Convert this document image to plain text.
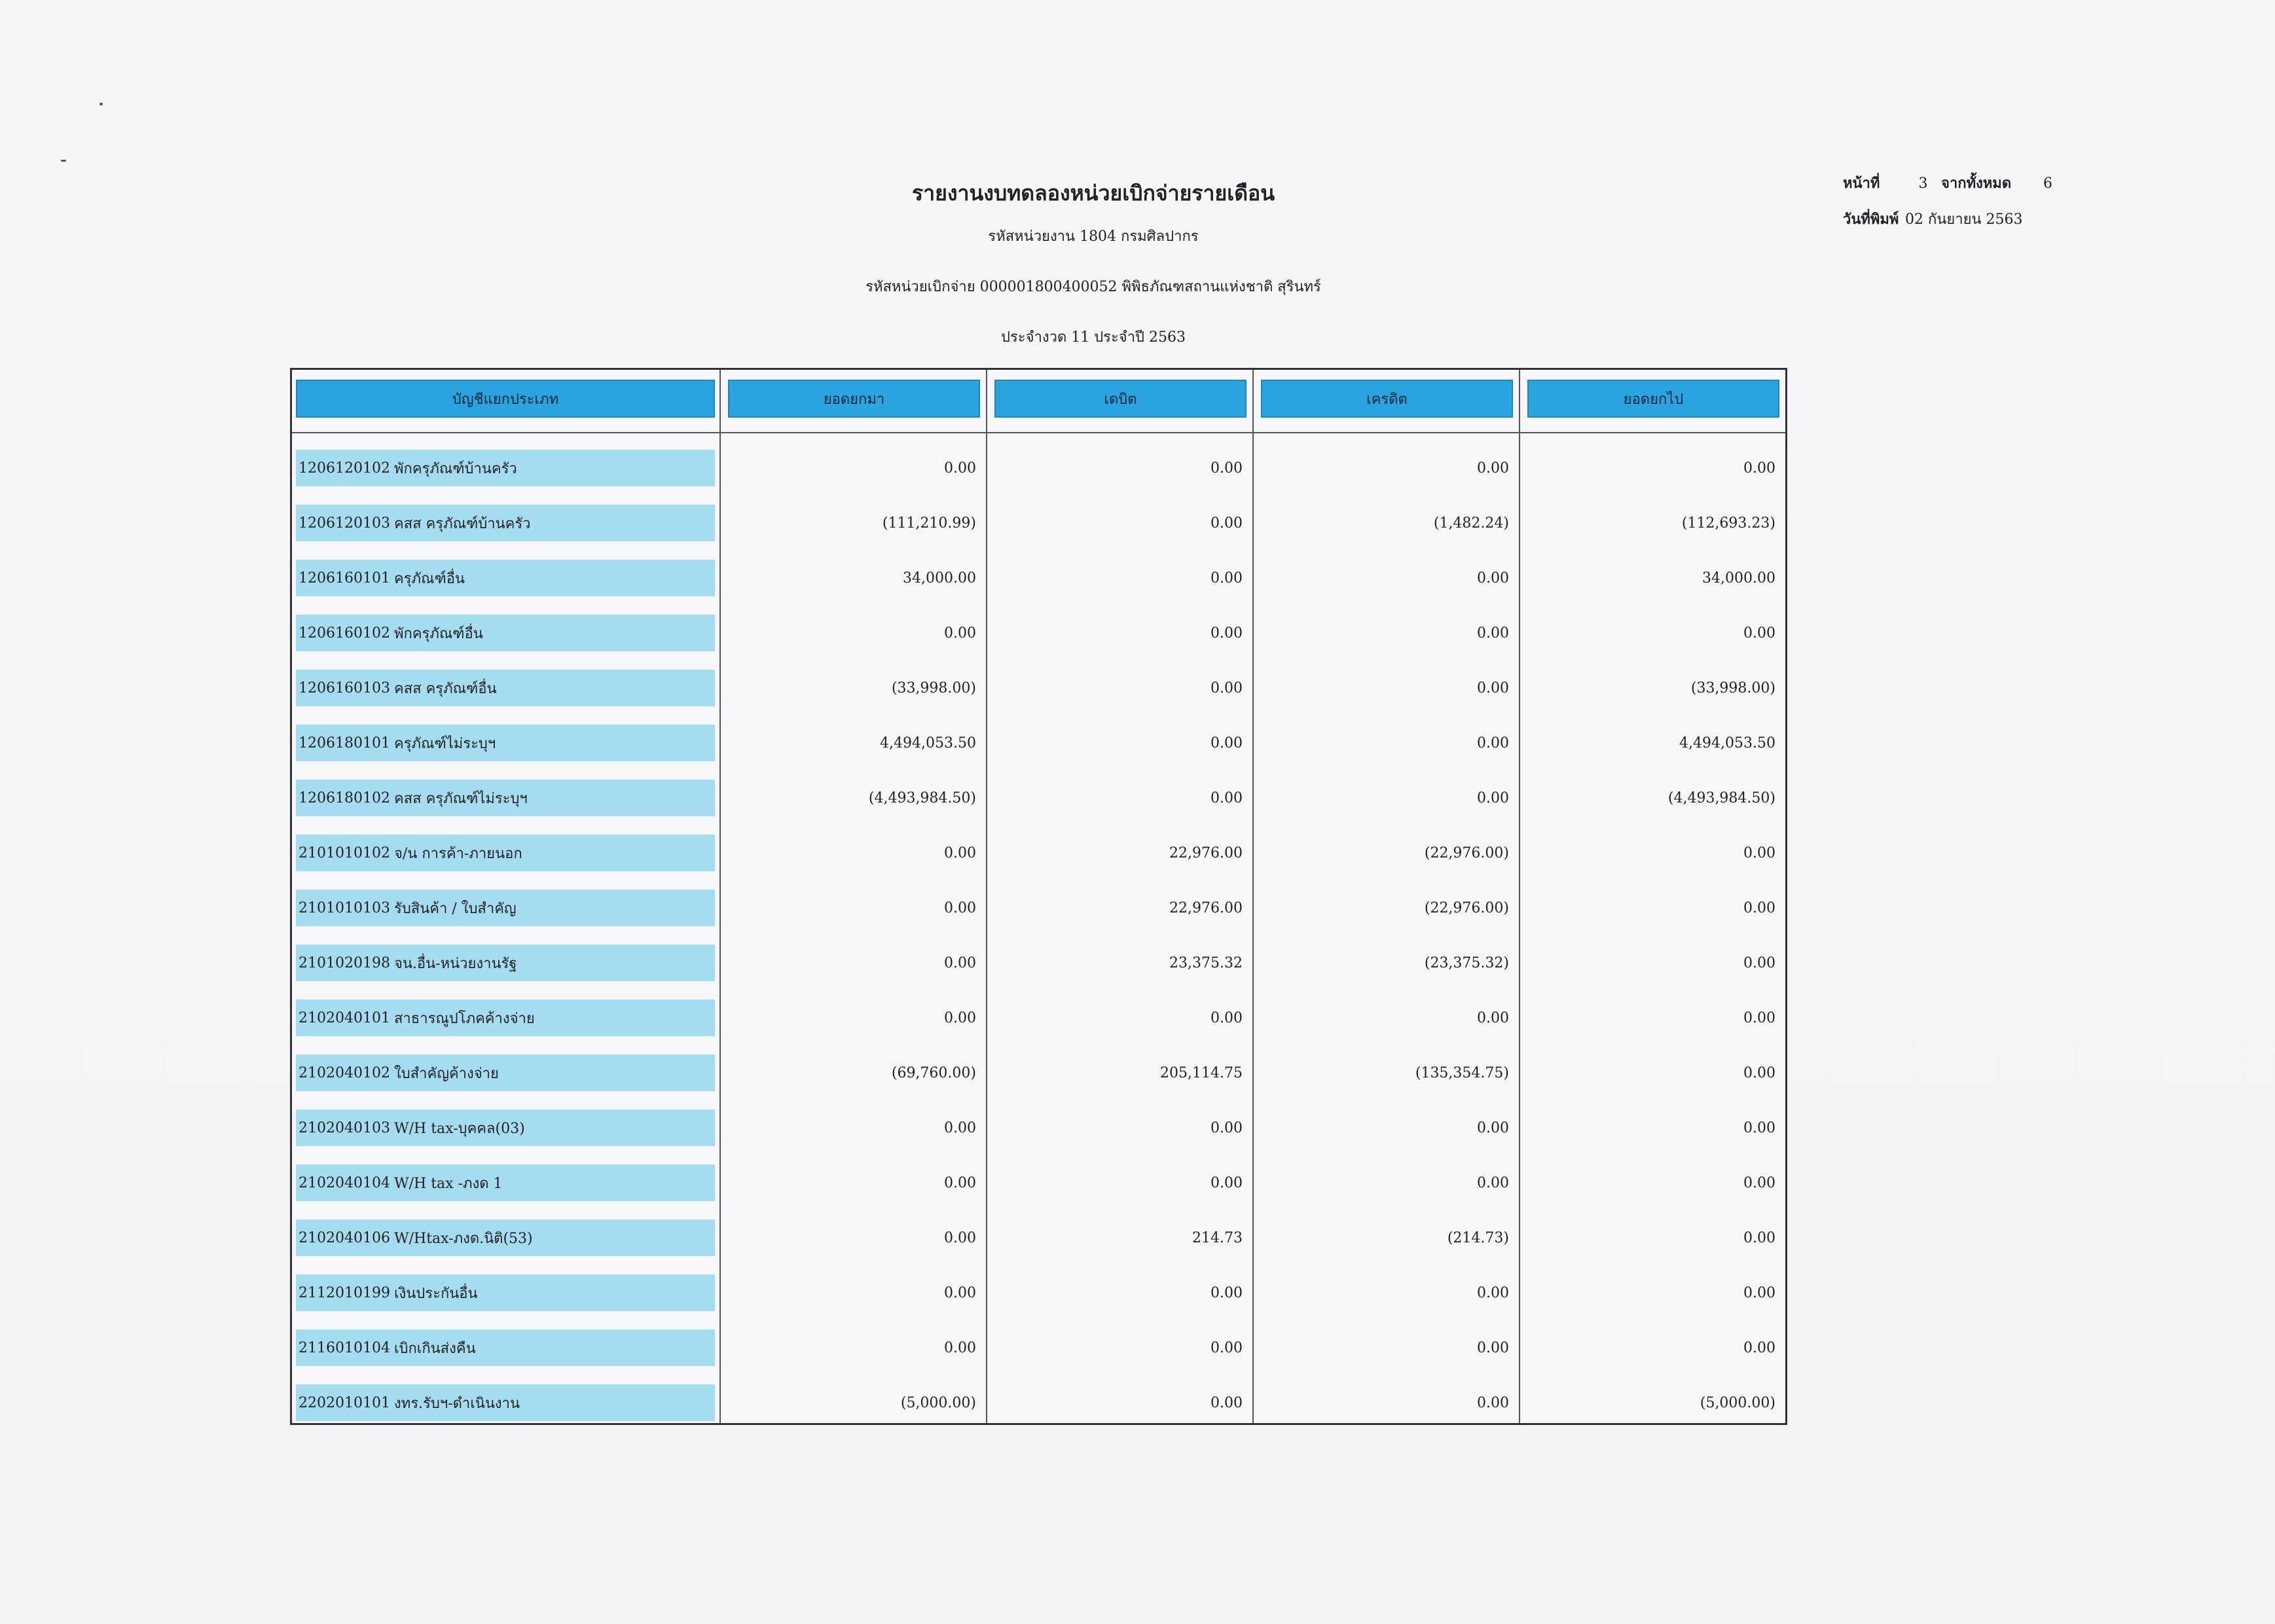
รายงานงบทดลองหน่วยเบิกจ่ายรายเดือน
รหัสหน่วยงาน 1804 กรมศิลปากร
รหัสหน่วยเบิกจ่าย 000001800400052 พิพิธภัณฑสถานแห่งชาติ สุรินทร์
ประจำงวด 11 ประจำปี 2563
หน้าที่	3 จากทั้งหมด	6
วันที่พิมพ์ 02 กันยายน 2563
บัญชีแยกประเภท	ยอดยกมา	เดบิต	เครดิต	ยอดยกไป
1206120102 พักครุภัณฑ์บ้านครัว	0.00	0.00	0.00	0.00
1206120103 คสส ครุภัณฑ์บ้านครัว	(111,210.99)	0.00	(1,482.24)	(112,693.23)
1206160101 ครุภัณฑ์อื่น	34,000.00	0.00	0.00	34,000.00
1206160102 พักครุภัณฑ์อื่น	0.00	0.00	0.00	0.00
1206160103 คสส ครุภัณฑ์อื่น	(33,998.00)	0.00	0.00	(33,998.00)
1206180101 ครุภัณฑ์ไม่ระบุฯ	4,494,053.50	0.00	0.00	4,494,053.50
1206180102 คสส ครุภัณฑ์ไม่ระบุฯ	(4,493,984.50)	0.00	0.00	(4,493,984.50)
2101010102 จ/น การค้า-ภายนอก	0.00	22,976.00	(22,976.00)	0.00
2101010103 รับสินค้า / ใบสำคัญ	0.00	22,976.00	(22,976.00)	0.00
2101020198 จน.อื่น-หน่วยงานรัฐ	0.00	23,375.32	(23,375.32)	0.00
2102040101 สาธารณูปโภคค้างจ่าย	0.00	0.00	0.00	0.00
2102040102 ใบสำคัญค้างจ่าย	(69,760.00)	205,114.75	(135,354.75)	0.00
2102040103 W/H tax-บุคคล(03)	0.00	0.00	0.00	0.00
2102040104 W/H tax -ภงด 1	0.00	0.00	0.00	0.00
2102040106 W/Htax-ภงด.นิติ(53)	0.00	214.73	(214.73)	0.00
2112010199 เงินประกันอื่น	0.00	0.00	0.00	0.00
2116010104 เบิกเกินส่งคืน	0.00	0.00	0.00	0.00
2202010101 งทร.รับฯ-ดำเนินงาน	(5,000.00)	0.00	0.00	(5,000.00)
